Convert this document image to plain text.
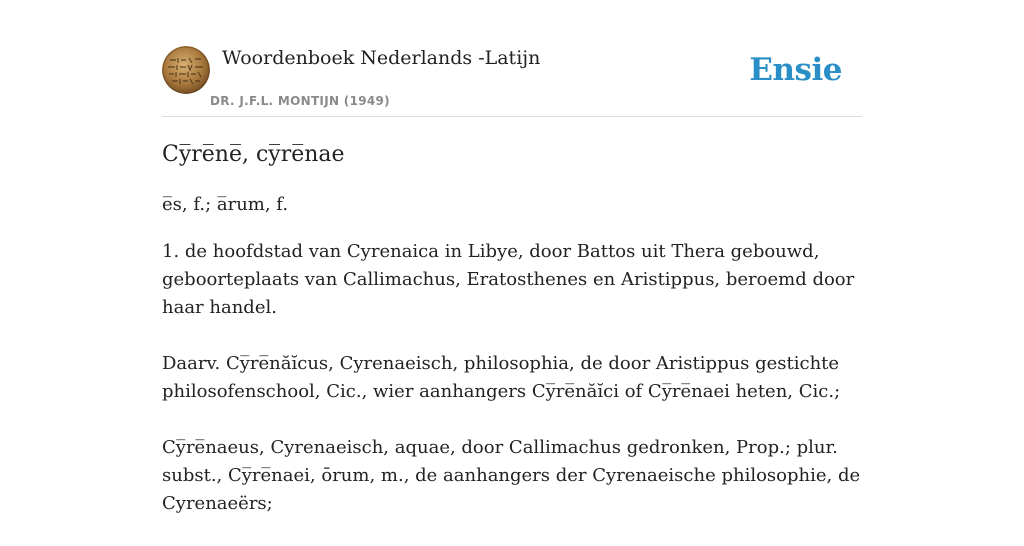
Woordenboek Nederlands -Latijn
DR. J.F.L. MONTIJN (1949)
Ensie
Cy̅re̅ne̅, cy̅re̅nae

e̅s, f.; a̅rum, f.

1. de hoofdstad van Cyrenaica in Libye, door Battos uit Thera gebouwd, geboorteplaats van Callimachus, Eratosthenes en Aristippus, beroemd door haar handel.

Daarv. Cy̅re̅năĭcus, Cyrenaeisch, philosophia, de door Aristippus gestichte philosofenschool, Cic., wier aanhangers Cy̅re̅năĭci of Cy̅re̅naei heten, Cic.;

Cy̅re̅naeus, Cyrenaeisch, aquae, door Callimachus gedronken, Prop.; plur. subst., Cy̅re̅naei, ōrum, m., de aanhangers der Cyrenaeische philosophie, de Cyrenaeërs;
